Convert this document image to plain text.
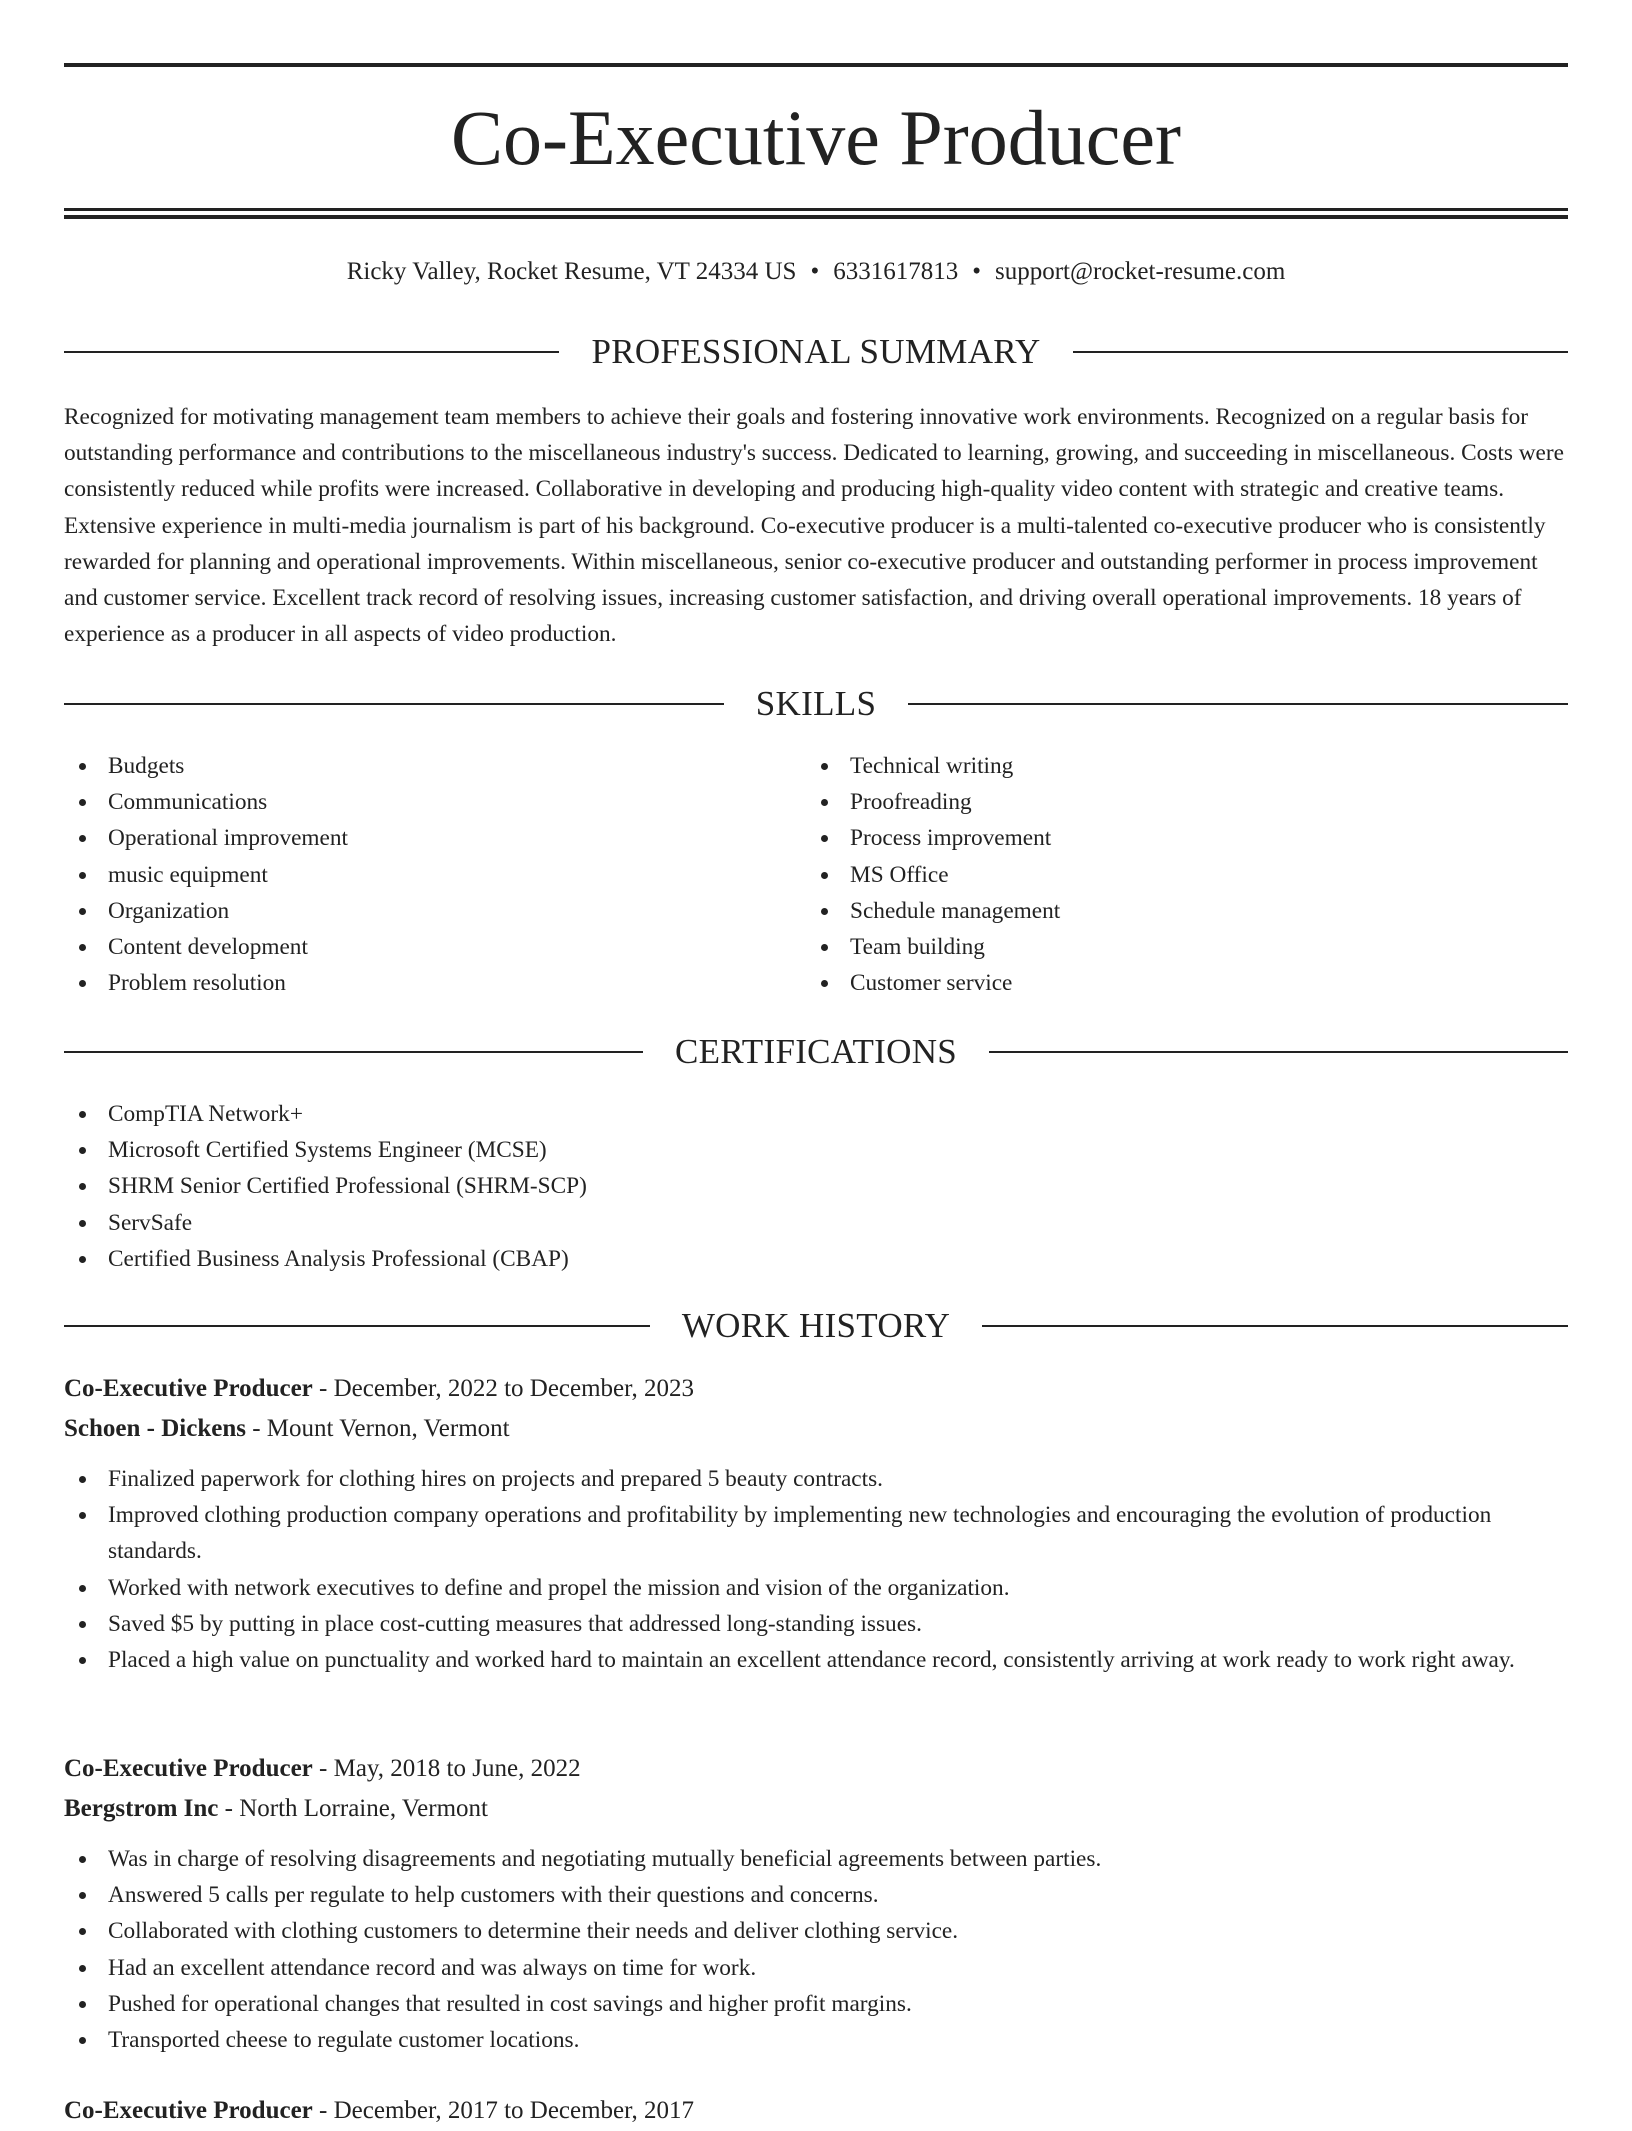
Co-Executive Producer
Ricky Valley, Rocket Resume, VT 24334 US • 6331617813 • support@rocket-resume.com
PROFESSIONAL SUMMARY

Recognized for motivating management team members to achieve their goals and fostering innovative work environments. Recognized on a regular basis for outstanding performance and contributions to the miscellaneous industry's success. Dedicated to learning, growing, and succeeding in miscellaneous. Costs were consistently reduced while profits were increased. Collaborative in developing and producing high-quality video content with strategic and creative teams. Extensive experience in multi-media journalism is part of his background. Co-executive producer is a multi-talented co-executive producer who is consistently rewarded for planning and operational improvements. Within miscellaneous, senior co-executive producer and outstanding performer in process improvement and customer service. Excellent track record of resolving issues, increasing customer satisfaction, and driving overall operational improvements. 18 years of experience as a producer in all aspects of video production.

SKILLS
Budgets
Communications
Operational improvement
music equipment
Organization
Content development
Problem resolution
Technical writing
Proofreading
Process improvement
MS Office
Schedule management
Team building
Customer service
CERTIFICATIONS
CompTIA Network+
Microsoft Certified Systems Engineer (MCSE)
SHRM Senior Certified Professional (SHRM-SCP)
ServSafe
Certified Business Analysis Professional (CBAP)
WORK HISTORY
Co-Executive Producer - December, 2022 to December, 2023
Schoen - Dickens - Mount Vernon, Vermont
Finalized paperwork for clothing hires on projects and prepared 5 beauty contracts.
Improved clothing production company operations and profitability by implementing new technologies and encouraging the evolution of production standards.
Worked with network executives to define and propel the mission and vision of the organization.
Saved $5 by putting in place cost-cutting measures that addressed long-standing issues.
Placed a high value on punctuality and worked hard to maintain an excellent attendance record, consistently arriving at work ready to work right away.
Co-Executive Producer - May, 2018 to June, 2022
Bergstrom Inc - North Lorraine, Vermont
Was in charge of resolving disagreements and negotiating mutually beneficial agreements between parties.
Answered 5 calls per regulate to help customers with their questions and concerns.
Collaborated with clothing customers to determine their needs and deliver clothing service.
Had an excellent attendance record and was always on time for work.
Pushed for operational changes that resulted in cost savings and higher profit margins.
Transported cheese to regulate customer locations.
Co-Executive Producer - December, 2017 to December, 2017
